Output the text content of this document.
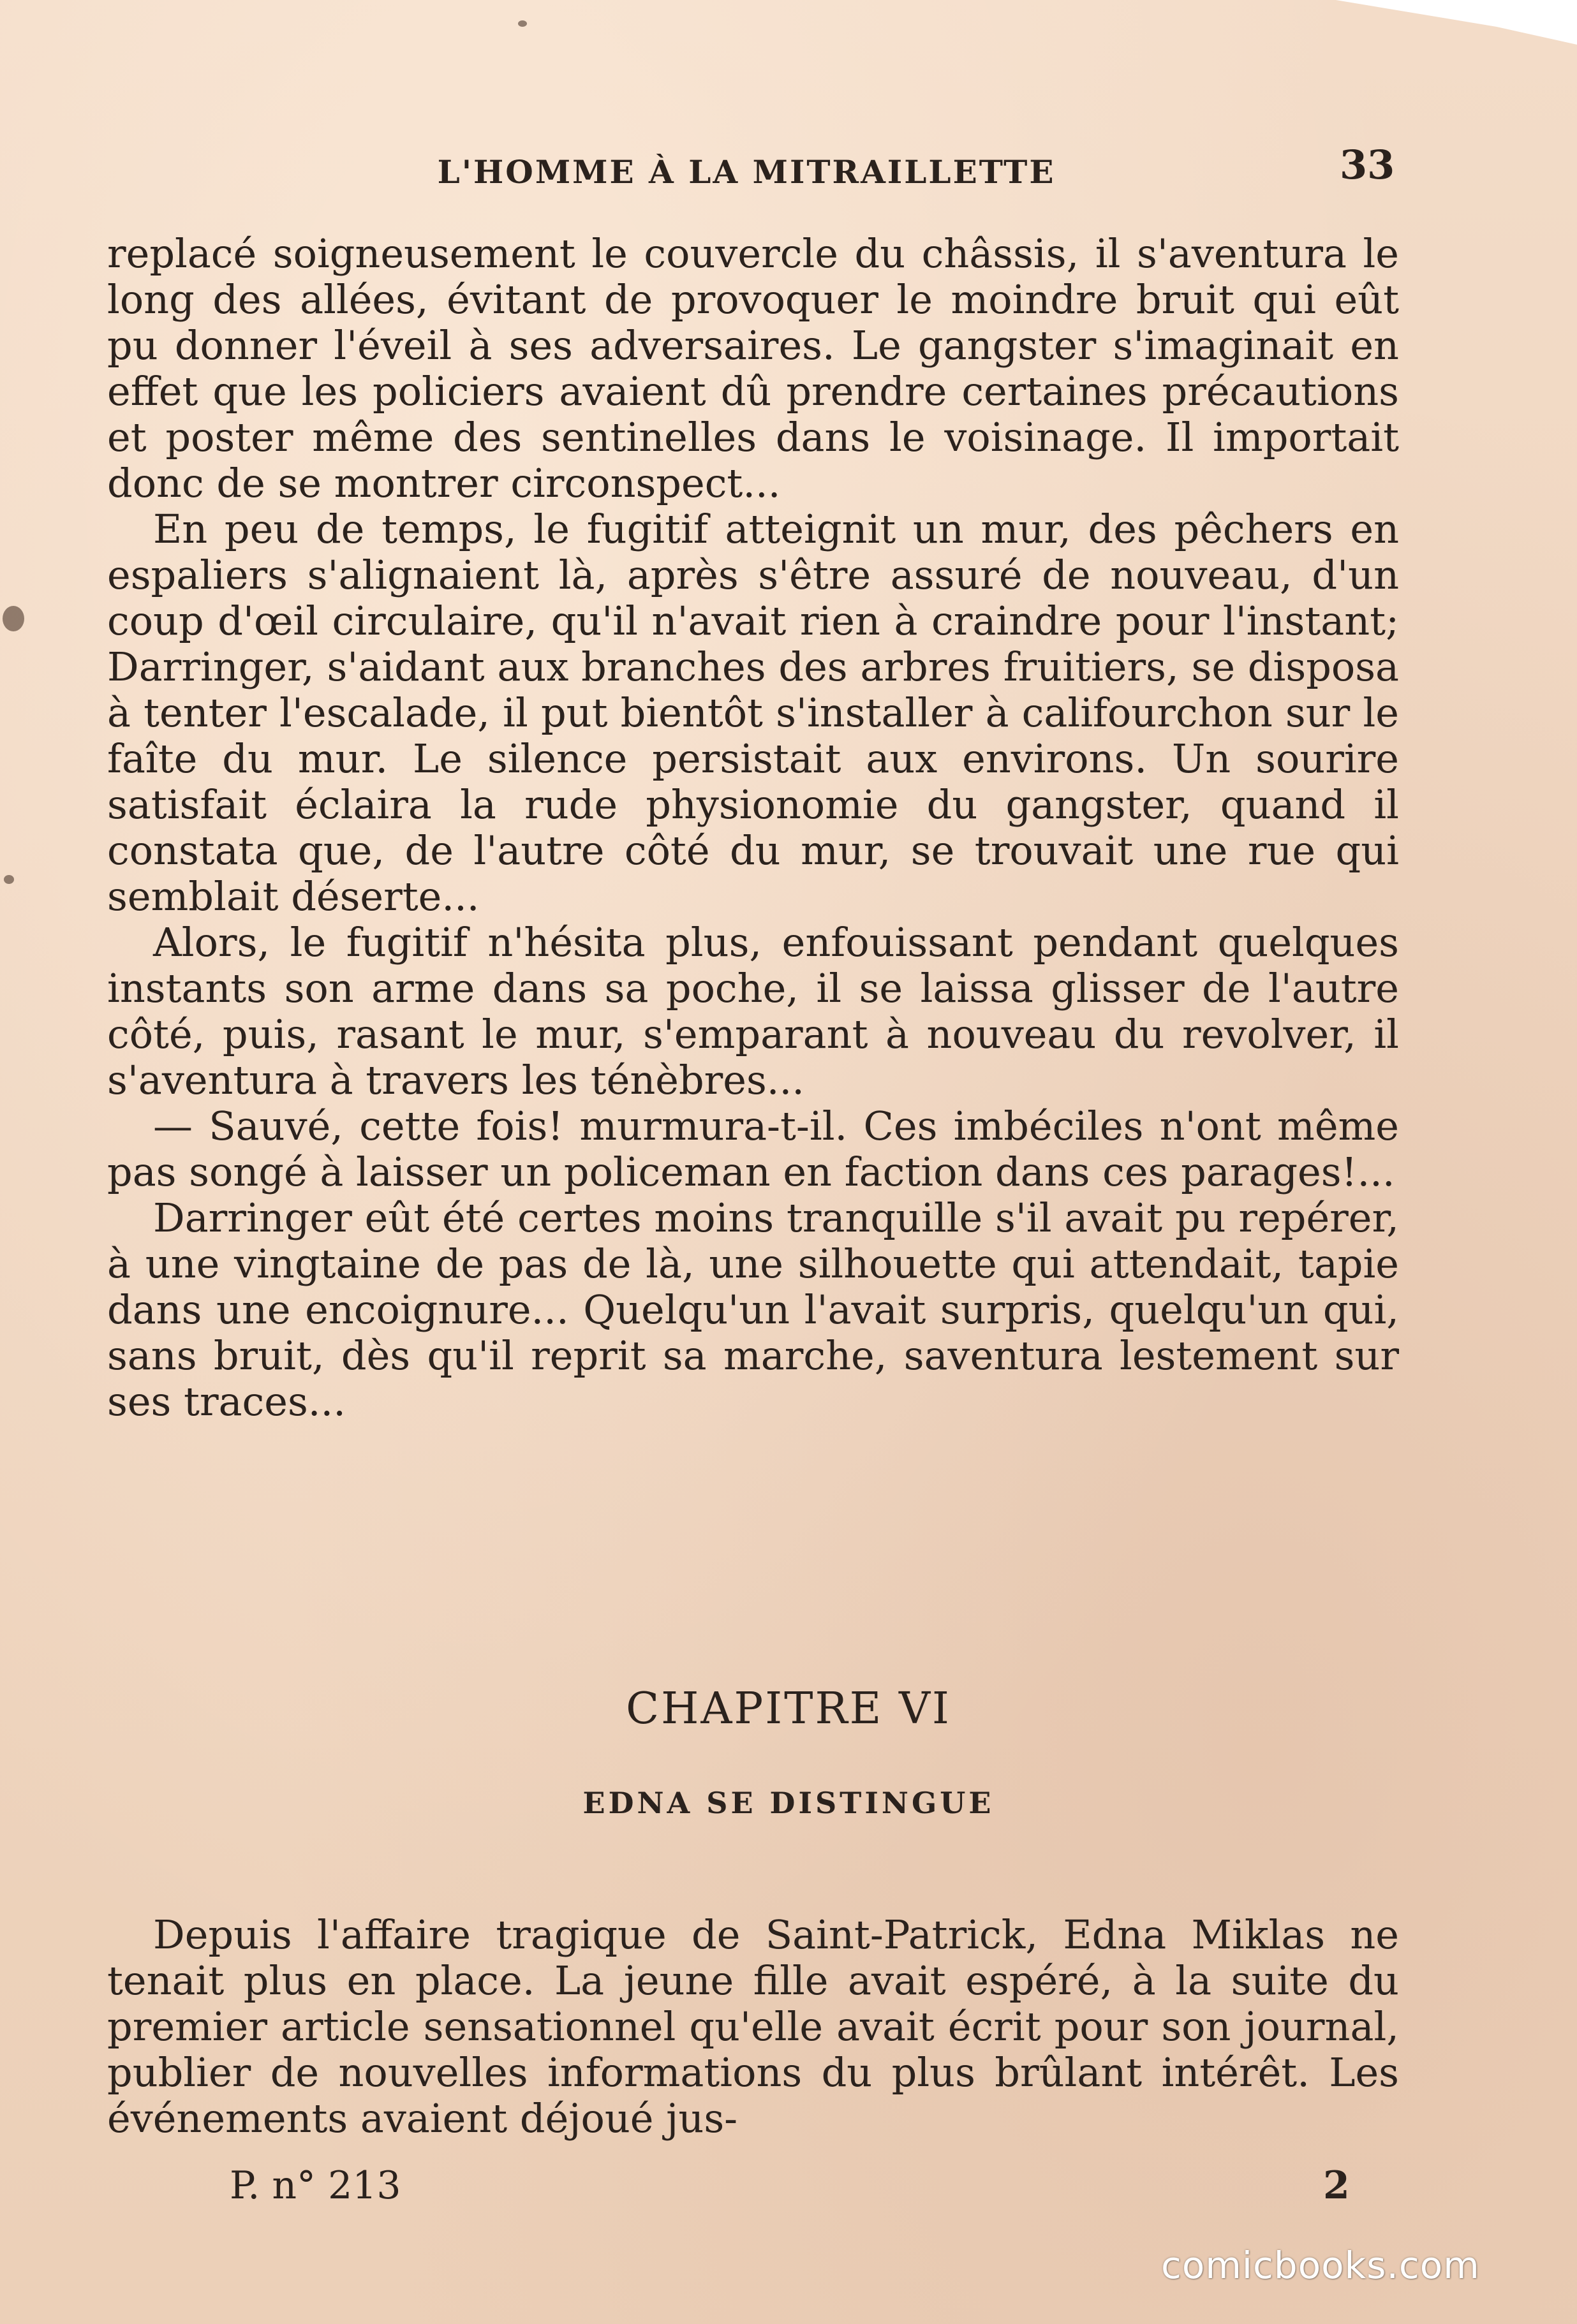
L'HOMME À LA MITRAILLETTE	33

replacé soigneusement le couvercle du châssis, il s'aventura le long des allées, évitant de provoquer le moindre bruit qui eût pu donner l'éveil à ses adversaires. Le gangster s'imaginait en effet que les policiers avaient dû prendre certaines précautions et poster même des sentinelles dans le voisinage. Il importait donc de se montrer circonspect...

En peu de temps, le fugitif atteignit un mur, des pêchers en espaliers s'alignaient là, après s'être assuré de nouveau, d'un coup d'œil circulaire, qu'il n'avait rien à craindre pour l'instant; Darringer, s'aidant aux branches des arbres fruitiers, se disposa à tenter l'escalade, il put bientôt s'installer à califourchon sur le faîte du mur. Le silence persistait aux environs. Un sourire satisfait éclaira la rude physionomie du gangster, quand il constata que, de l'autre côté du mur, se trouvait une rue qui semblait déserte...

Alors, le fugitif n'hésita plus, enfouissant pendant quelques instants son arme dans sa poche, il se laissa glisser de l'autre côté, puis, rasant le mur, s'emparant à nouveau du revolver, il s'aventura à travers les ténèbres...

— Sauvé, cette fois! murmura-t-il. Ces imbéciles n'ont même pas songé à laisser un policeman en faction dans ces parages!...

Darringer eût été certes moins tranquille s'il avait pu repérer, à une vingtaine de pas de là, une silhouette qui attendait, tapie dans une encoignure... Quelqu'un l'avait surpris, quelqu'un qui, sans bruit, dès qu'il reprit sa marche, saventura lestement sur ses traces...

CHAPITRE VI
EDNA SE DISTINGUE

Depuis l'affaire tragique de Saint-Patrick, Edna Miklas ne tenait plus en place. La jeune fille avait espéré, à la suite du premier article sensationnel qu'elle avait écrit pour son journal, publier de nouvelles informations du plus brûlant intérêt. Les événements avaient déjoué jus-

P. n° 213	2
comicbooks.com
